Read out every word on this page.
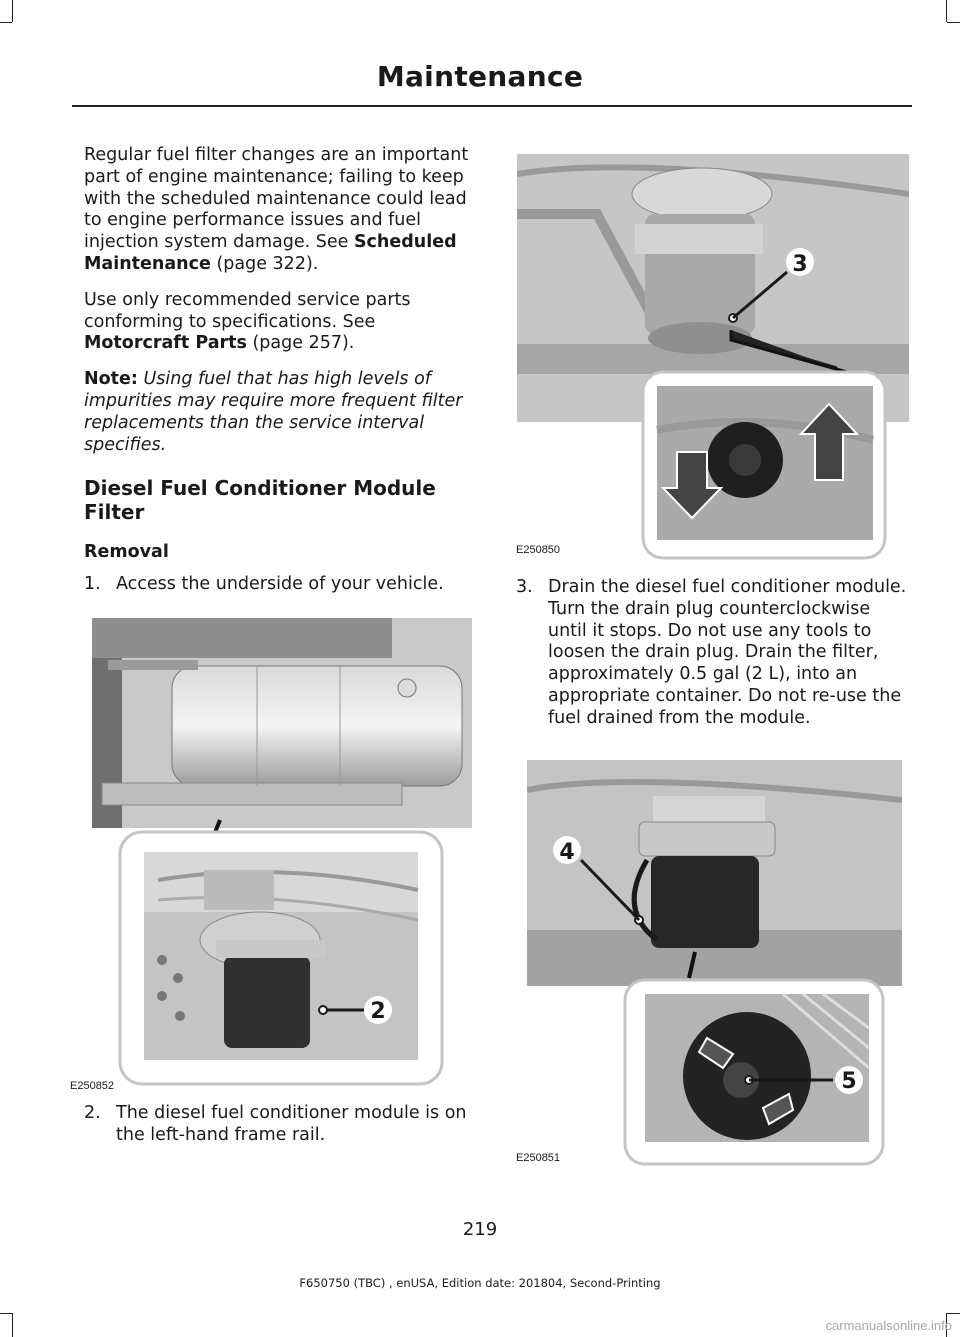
Maintenance

Regular fuel filter changes are an important part of engine maintenance; failing to keep with the scheduled maintenance could lead to engine performance issues and fuel injection system damage. See Scheduled Maintenance (page 322).

Use only recommended service parts conforming to specifications. See Motorcraft Parts (page 257).

Note: Using fuel that has high levels of impurities may require more frequent filter replacements than the service interval specifies.

Diesel Fuel Conditioner Module Filter
Removal
1. Access the underside of your vehicle.
2
E250852
2. The diesel fuel conditioner module is on the left-hand frame rail.
3
E250850
3. Drain the diesel fuel conditioner module. Turn the drain plug counterclockwise until it stops. Do not use any tools to loosen the drain plug. Drain the filter, approximately 0.5 gal (2 L), into an appropriate container. Do not re-use the fuel drained from the module.
4
5
E250851
219
F650750 (TBC) , enUSA, Edition date: 201804, Second-Printing
carmanualsonline.info
